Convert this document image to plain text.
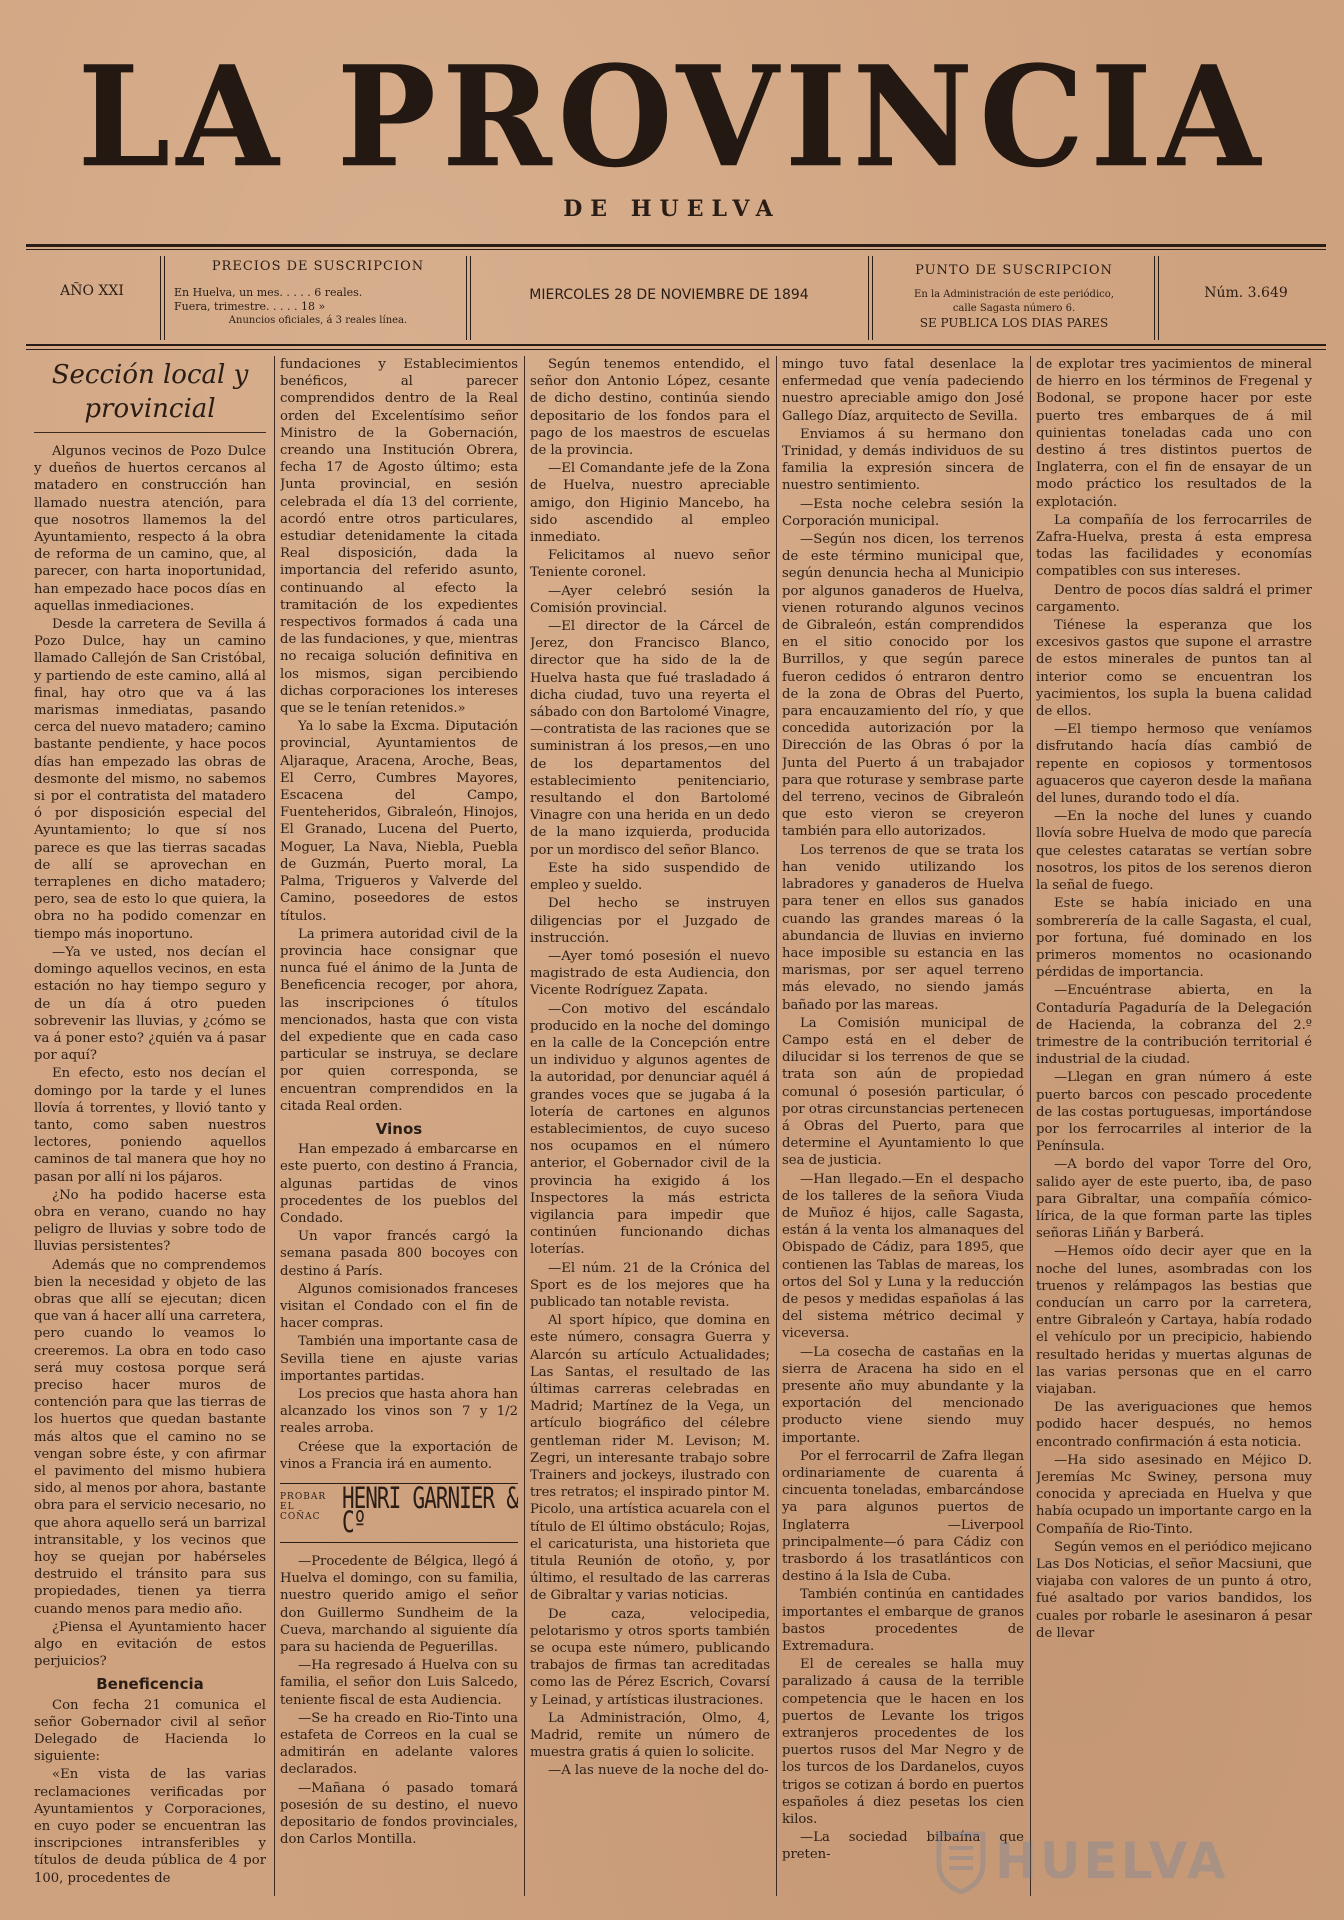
LA PROVINCIA
DE HUELVA
AÑO XXI
PRECIOS DE SUSCRIPCION
En Huelva, un mes. . . . . 6 reales.
Fuera, trimestre. . . . . 18 »
Anuncios oficiales, á 3 reales línea.
MIERCOLES 28 DE NOVIEMBRE DE 1894
PUNTO DE SUSCRIPCION
En la Administración de este periódico,
calle Sagasta número 6.
SE PUBLICA LOS DIAS PARES
Núm. 3.649
Sección local y provincial

Algunos vecinos de Pozo Dulce y dueños de huertos cercanos al matadero en construcción han llamado nuestra atención, para que nosotros llamemos la del Ayuntamiento, respecto á la obra de reforma de un camino, que, al parecer, con harta inoportunidad, han empezado hace pocos días en aquellas inmediaciones.

Desde la carretera de Sevilla á Pozo Dulce, hay un camino llamado Callejón de San Cristóbal, y partiendo de este camino, allá al final, hay otro que va á las marismas inmediatas, pasando cerca del nuevo matadero; camino bastante pendiente, y hace pocos días han empezado las obras de desmonte del mismo, no sabemos si por el contratista del matadero ó por disposición especial del Ayuntamiento; lo que sí nos parece es que las tierras sacadas de allí se aprovechan en terraplenes en dicho matadero; pero, sea de esto lo que quiera, la obra no ha podido comenzar en tiempo más inoportuno.

—Ya ve usted, nos decían el domingo aquellos vecinos, en esta estación no hay tiempo seguro y de un día á otro pueden sobrevenir las lluvias, y ¿cómo se va á poner esto? ¿quién va á pasar por aquí?

En efecto, esto nos decían el domingo por la tarde y el lunes llovía á torrentes, y llovió tanto y tanto, como saben nuestros lectores, poniendo aquellos caminos de tal manera que hoy no pasan por allí ni los pájaros.

¿No ha podido hacerse esta obra en verano, cuando no hay peligro de lluvias y sobre todo de lluvias persistentes?

Además que no comprendemos bien la necesidad y objeto de las obras que allí se ejecutan; dicen que van á hacer allí una carretera, pero cuando lo veamos lo creeremos. La obra en todo caso será muy costosa porque será preciso hacer muros de contención para que las tierras de los huertos que quedan bastante más altos que el camino no se vengan sobre éste, y con afirmar el pavimento del mismo hubiera sido, al menos por ahora, bastante obra para el servicio necesario, no que ahora aquello será un barrizal intransitable, y los vecinos que hoy se quejan por habérseles destruido el tránsito para sus propiedades, tienen ya tierra cuando menos para medio año.

¿Piensa el Ayuntamiento hacer algo en evitación de estos perjuicios?

Beneficencia

Con fecha 21 comunica el señor Gobernador civil al señor Delegado de Hacienda lo siguiente:

«En vista de las varias reclamaciones verificadas por Ayuntamientos y Corporaciones, en cuyo poder se encuentran las inscripciones intransferibles y títulos de deuda pública de 4 por 100, procedentes de

fundaciones y Establecimientos benéficos, al parecer comprendidos dentro de la Real orden del Excelentísimo señor Ministro de la Gobernación, creando una Institución Obrera, fecha 17 de Agosto último; esta Junta provincial, en sesión celebrada el día 13 del corriente, acordó entre otros particulares, estudiar detenidamente la citada Real disposición, dada la importancia del referido asunto, continuando al efecto la tramitación de los expedientes respectivos formados á cada una de las fundaciones, y que, mientras no recaiga solución definitiva en los mismos, sigan percibiendo dichas corporaciones los intereses que se le tenían retenidos.»

Ya lo sabe la Excma. Diputación provincial, Ayuntamientos de Aljaraque, Aracena, Aroche, Beas, El Cerro, Cumbres Mayores, Escacena del Campo, Fuenteheridos, Gibraleón, Hinojos, El Granado, Lucena del Puerto, Moguer, La Nava, Niebla, Puebla de Guzmán, Puerto moral, La Palma, Trigueros y Valverde del Camino, poseedores de estos títulos.

La primera autoridad civil de la provincia hace consignar que nunca fué el ánimo de la Junta de Beneficencia recoger, por ahora, las inscripciones ó títulos mencionados, hasta que con vista del expediente que en cada caso particular se instruya, se declare por quien corresponda, se encuentran comprendidos en la citada Real orden.

Vinos

Han empezado á embarcarse en este puerto, con destino á Francia, algunas partidas de vinos procedentes de los pueblos del Condado.

Un vapor francés cargó la semana pasada 800 bocoyes con destino á París.

Algunos comisionados franceses visitan el Condado con el fin de hacer compras.

También una importante casa de Sevilla tiene en ajuste varias importantes partidas.

Los precios que hasta ahora han alcanzado los vinos son 7 y 1/2 reales arroba.

Créese que la exportación de vinos a Francia irá en aumento.

PROBAR
EL
COÑAC
HENRI GARNIER & Cº

—Procedente de Bélgica, llegó á Huelva el domingo, con su familia, nuestro querido amigo el señor don Guillermo Sundheim de la Cueva, marchando al siguiente día para su hacienda de Peguerillas.

—Ha regresado á Huelva con su familia, el señor don Luis Salcedo, teniente fiscal de esta Audiencia.

—Se ha creado en Rio-Tinto una estafeta de Correos en la cual se admitirán en adelante valores declarados.

—Mañana ó pasado tomará posesión de su destino, el nuevo depositario de fondos provinciales, don Carlos Montilla.

Según tenemos entendido, el señor don Antonio López, cesante de dicho destino, continúa siendo depositario de los fondos para el pago de los maestros de escuelas de la provincia.

—El Comandante jefe de la Zona de Huelva, nuestro apreciable amigo, don Higinio Mancebo, ha sido ascendido al empleo inmediato.

Felicitamos al nuevo señor Teniente coronel.

—Ayer celebró sesión la Comisión provincial.

—El director de la Cárcel de Jerez, don Francisco Blanco, director que ha sido de la de Huelva hasta que fué trasladado á dicha ciudad, tuvo una reyerta el sábado con don Bartolomé Vinagre,—contratista de las raciones que se suministran á los presos,—en uno de los departamentos del establecimiento penitenciario, resultando el don Bartolomé Vinagre con una herida en un dedo de la mano izquierda, producida por un mordisco del señor Blanco.

Este ha sido suspendido de empleo y sueldo.

Del hecho se instruyen diligencias por el Juzgado de instrucción.

—Ayer tomó posesión el nuevo magistrado de esta Audiencia, don Vicente Rodríguez Zapata.

—Con motivo del escándalo producido en la noche del domingo en la calle de la Concepción entre un individuo y algunos agentes de la autoridad, por denunciar aquél á grandes voces que se jugaba á la lotería de cartones en algunos establecimientos, de cuyo suceso nos ocupamos en el número anterior, el Gobernador civil de la provincia ha exigido á los Inspectores la más estricta vigilancia para impedir que continúen funcionando dichas loterías.

—El núm. 21 de la Crónica del Sport es de los mejores que ha publicado tan notable revista.

Al sport hípico, que domina en este número, consagra Guerra y Alarcón su artículo Actualidades; Las Santas, el resultado de las últimas carreras celebradas en Madrid; Martínez de la Vega, un artículo biográfico del célebre gentleman rider M. Levison; M. Zegri, un interesante trabajo sobre Trainers and jockeys, ilustrado con tres retratos; el inspirado pintor M. Picolo, una artística acuarela con el título de El último obstáculo; Rojas, el caricaturista, una historieta que titula Reunión de otoño, y, por último, el resultado de las carreras de Gibraltar y varias noticias.

De caza, velocipedia, pelotarismo y otros sports también se ocupa este número, publicando trabajos de firmas tan acreditadas como las de Pérez Escrich, Covarsí y Leinad, y artísticas ilustraciones.

La Administración, Olmo, 4, Madrid, remite un número de muestra gratis á quien lo solicite.

—A las nueve de la noche del do-

mingo tuvo fatal desenlace la enfermedad que venía padeciendo nuestro apreciable amigo don José Gallego Díaz, arquitecto de Sevilla.

Enviamos á su hermano don Trinidad, y demás individuos de su familia la expresión sincera de nuestro sentimiento.

—Esta noche celebra sesión la Corporación municipal.

—Según nos dicen, los terrenos de este término municipal que, según denuncia hecha al Municipio por algunos ganaderos de Huelva, vienen roturando algunos vecinos de Gibraleón, están comprendidos en el sitio conocido por los Burrillos, y que según parece fueron cedidos ó entraron dentro de la zona de Obras del Puerto, para encauzamiento del río, y que concedida autorización por la Dirección de las Obras ó por la Junta del Puerto á un trabajador para que roturase y sembrase parte del terreno, vecinos de Gibraleón que esto vieron se creyeron también para ello autorizados.

Los terrenos de que se trata los han venido utilizando los labradores y ganaderos de Huelva para tener en ellos sus ganados cuando las grandes mareas ó la abundancia de lluvias en invierno hace imposible su estancia en las marismas, por ser aquel terreno más elevado, no siendo jamás bañado por las mareas.

La Comisión municipal de Campo está en el deber de dilucidar si los terrenos de que se trata son aún de propiedad comunal ó posesión particular, ó por otras circunstancias pertenecen á Obras del Puerto, para que determine el Ayuntamiento lo que sea de justicia.

—Han llegado.—En el despacho de los talleres de la señora Viuda de Muñoz é hijos, calle Sagasta, están á la venta los almanaques del Obispado de Cádiz, para 1895, que contienen las Tablas de mareas, los ortos del Sol y Luna y la reducción de pesos y medidas españolas á las del sistema métrico decimal y viceversa.

—La cosecha de castañas en la sierra de Aracena ha sido en el presente año muy abundante y la exportación del mencionado producto viene siendo muy importante.

Por el ferrocarril de Zafra llegan ordinariamente de cuarenta á cincuenta toneladas, embarcándose ya para algunos puertos de Inglaterra —Liverpool principalmente—ó para Cádiz con trasbordo á los trasatlánticos con destino á la Isla de Cuba.

También continúa en cantidades importantes el embarque de granos bastos procedentes de Extremadura.

El de cereales se halla muy paralizado á causa de la terrible competencia que le hacen en los puertos de Levante los trigos extranjeros procedentes de los puertos rusos del Mar Negro y de los turcos de los Dardanelos, cuyos trigos se cotizan á bordo en puertos españoles á diez pesetas los cien kilos.

—La sociedad bilbaína que preten-

de explotar tres yacimientos de mineral de hierro en los términos de Fregenal y Bodonal, se propone hacer por este puerto tres embarques de á mil quinientas toneladas cada uno con destino á tres distintos puertos de Inglaterra, con el fin de ensayar de un modo práctico los resultados de la explotación.

La compañía de los ferrocarriles de Zafra-Huelva, presta á esta empresa todas las facilidades y economías compatibles con sus intereses.

Dentro de pocos días saldrá el primer cargamento.

Tiénese la esperanza que los excesivos gastos que supone el arrastre de estos minerales de puntos tan al interior como se encuentran los yacimientos, los supla la buena calidad de ellos.

—El tiempo hermoso que veníamos disfrutando hacía días cambió de repente en copiosos y tormentosos aguaceros que cayeron desde la mañana del lunes, durando todo el día.

—En la noche del lunes y cuando llovía sobre Huelva de modo que parecía que celestes cataratas se vertían sobre nosotros, los pitos de los serenos dieron la señal de fuego.

Este se había iniciado en una sombrerería de la calle Sagasta, el cual, por fortuna, fué dominado en los primeros momentos no ocasionando pérdidas de importancia.

—Encuéntrase abierta, en la Contaduría Pagaduría de la Delegación de Hacienda, la cobranza del 2.º trimestre de la contribución territorial é industrial de la ciudad.

—Llegan en gran número á este puerto barcos con pescado procedente de las costas portuguesas, importándose por los ferrocarriles al interior de la Península.

—A bordo del vapor Torre del Oro, salido ayer de este puerto, iba, de paso para Gibraltar, una compañía cómico-lírica, de la que forman parte las tiples señoras Liñán y Barberá.

—Hemos oído decir ayer que en la noche del lunes, asombradas con los truenos y relámpagos las bestias que conducían un carro por la carretera, entre Gibraleón y Cartaya, había rodado el vehículo por un precipicio, habiendo resultado heridas y muertas algunas de las varias personas que en el carro viajaban.

De las averiguaciones que hemos podido hacer después, no hemos encontrado confirmación á esta noticia.

—Ha sido asesinado en Méjico D. Jeremías Mc Swiney, persona muy conocida y apreciada en Huelva y que había ocupado un importante cargo en la Compañía de Rio-Tinto.

Según vemos en el periódico mejicano Las Dos Noticias, el señor Macsiuni, que viajaba con valores de un punto á otro, fué asaltado por varios bandidos, los cuales por robarle le asesinaron á pesar de llevar

HUELVA
